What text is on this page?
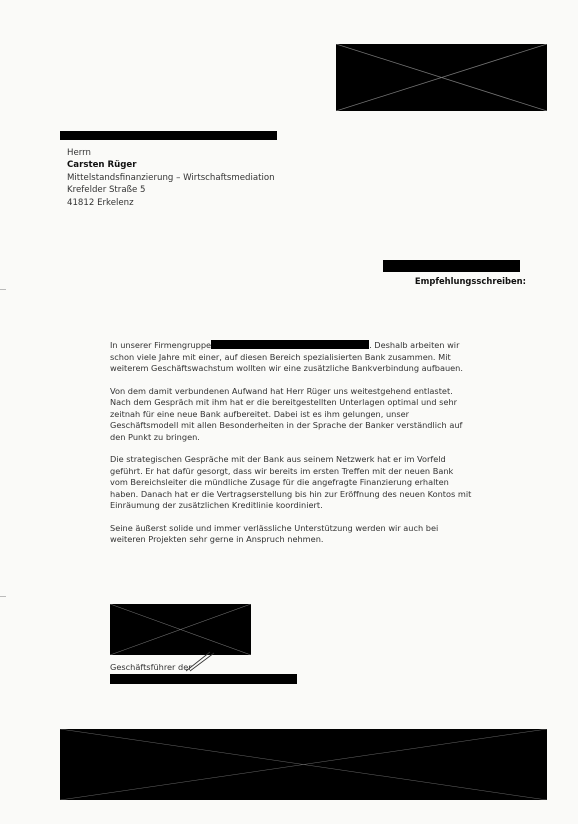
Herrn
Carsten Rüger
Mittelstandsfinanzierung – Wirtschaftsmediation
Krefelder Straße 5
41812 Erkelenz
Empfehlungsschreiben:

In unserer Firmengruppe	. Deshalb arbeiten wir schon viele Jahre mit einer, auf diesen Bereich spezialisierten Bank zusammen. Mit weiterem Geschäftswachstum wollten wir eine zusätzliche Bankverbindung aufbauen.

Von dem damit verbundenen Aufwand hat Herr Rüger uns weitestgehend entlastet. Nach dem Gespräch mit ihm hat er die bereitgestellten Unterlagen optimal und sehr zeitnah für eine neue Bank aufbereitet. Dabei ist es ihm gelungen, unser Geschäftsmodell mit allen Besonderheiten in der Sprache der Banker verständlich auf den Punkt zu bringen.

Die strategischen Gespräche mit der Bank aus seinem Netzwerk hat er im Vorfeld geführt. Er hat dafür gesorgt, dass wir bereits im ersten Treffen mit der neuen Bank vom Bereichsleiter die mündliche Zusage für die angefragte Finanzierung erhalten haben. Danach hat er die Vertragserstellung bis hin zur Eröffnung des neuen Kontos mit Einräumung der zusätzlichen Kreditlinie koordiniert.

Seine äußerst solide und immer verlässliche Unterstützung werden wir auch bei weiteren Projekten sehr gerne in Anspruch nehmen.

Geschäftsführer der
